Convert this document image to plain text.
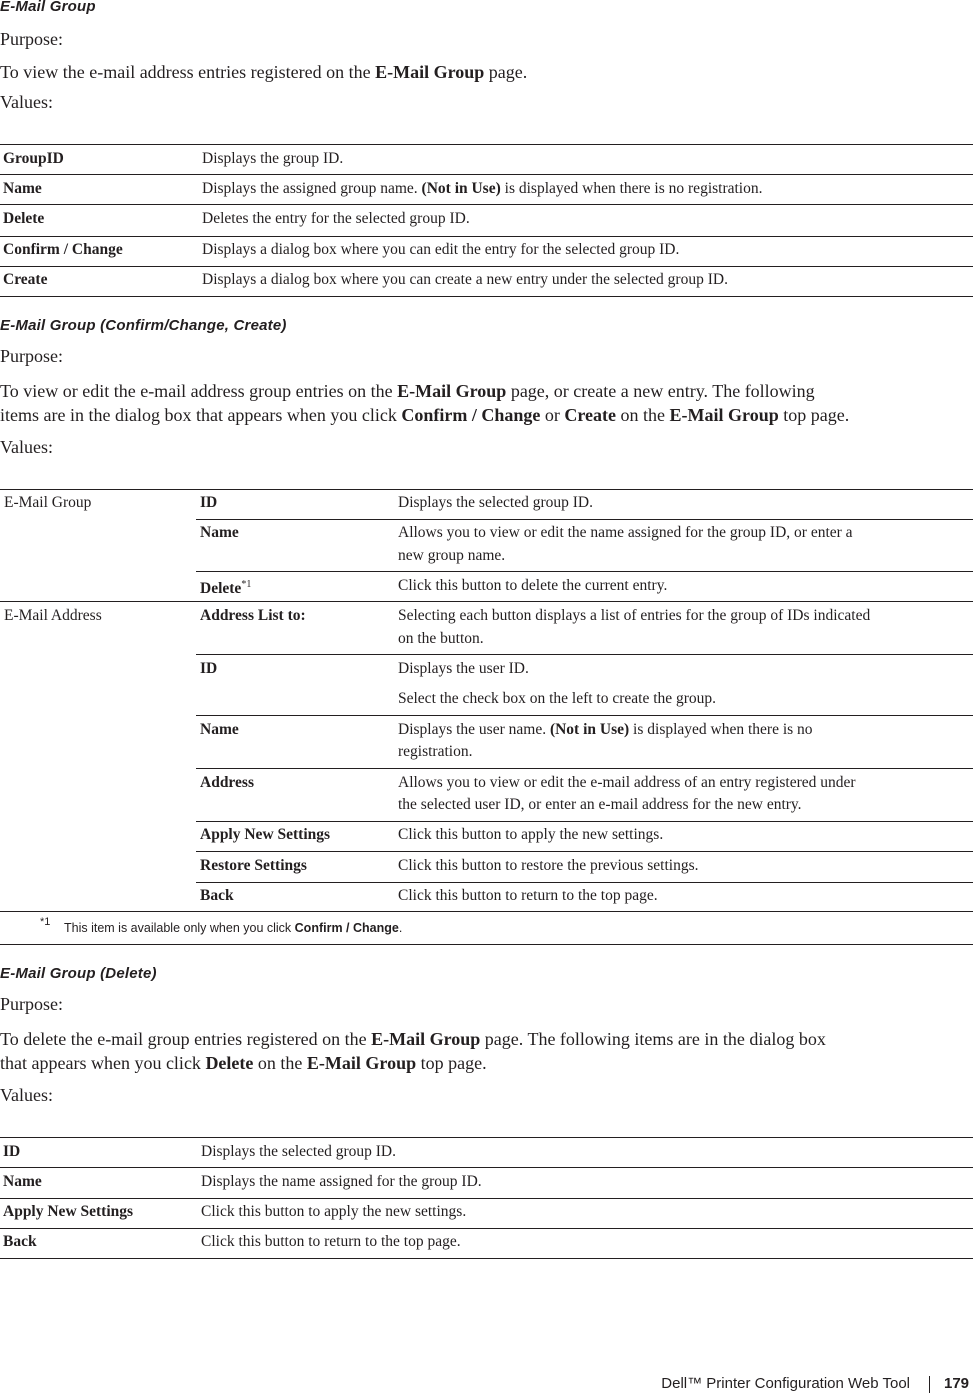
E-Mail Group
Purpose:
To view the e-mail address entries registered on the E-Mail Group page.
Values:
GroupID	Displays the group ID.
Name	Displays the assigned group name. (Not in Use) is displayed when there is no registration.
Delete	Deletes the entry for the selected group ID.
Confirm / Change	Displays a dialog box where you can edit the entry for the selected group ID.
Create	Displays a dialog box where you can create a new entry under the selected group ID.
E-Mail Group (Confirm/Change, Create)
Purpose:
To view or edit the e-mail address group entries on the E-Mail Group page, or create a new entry. The following
items are in the dialog box that appears when you click Confirm / Change or Create on the E-Mail Group top page.
Values:
E-Mail Group	ID	Displays the selected group ID.
Name	Allows you to view or edit the name assigned for the group ID, or enter a
new group name.
Delete$^{*1}$	Click this button to delete the current entry.
E-Mail Address	Address List to:	Selecting each button displays a list of entries for the group of IDs indicated
on the button.
ID	Displays the user ID.
Select the check box on the left to create the group.
Name	Displays the user name. (Not in Use) is displayed when there is no
registration.
Address	Allows you to view or edit the e-mail address of an entry registered under
the selected user ID, or enter an e-mail address for the new entry.
Apply New Settings	Click this button to apply the new settings.
Restore Settings	Click this button to restore the previous settings.
Back	Click this button to return to the top page.
*1 This item is available only when you click Confirm / Change.
E-Mail Group (Delete)
Purpose:
To delete the e-mail group entries registered on the E-Mail Group page. The following items are in the dialog box
that appears when you click Delete on the E-Mail Group top page.
Values:
ID	Displays the selected group ID.
Name	Displays the name assigned for the group ID.
Apply New Settings	Click this button to apply the new settings.
Back	Click this button to return to the top page.
Dell™ Printer Configuration Web Tool 179
